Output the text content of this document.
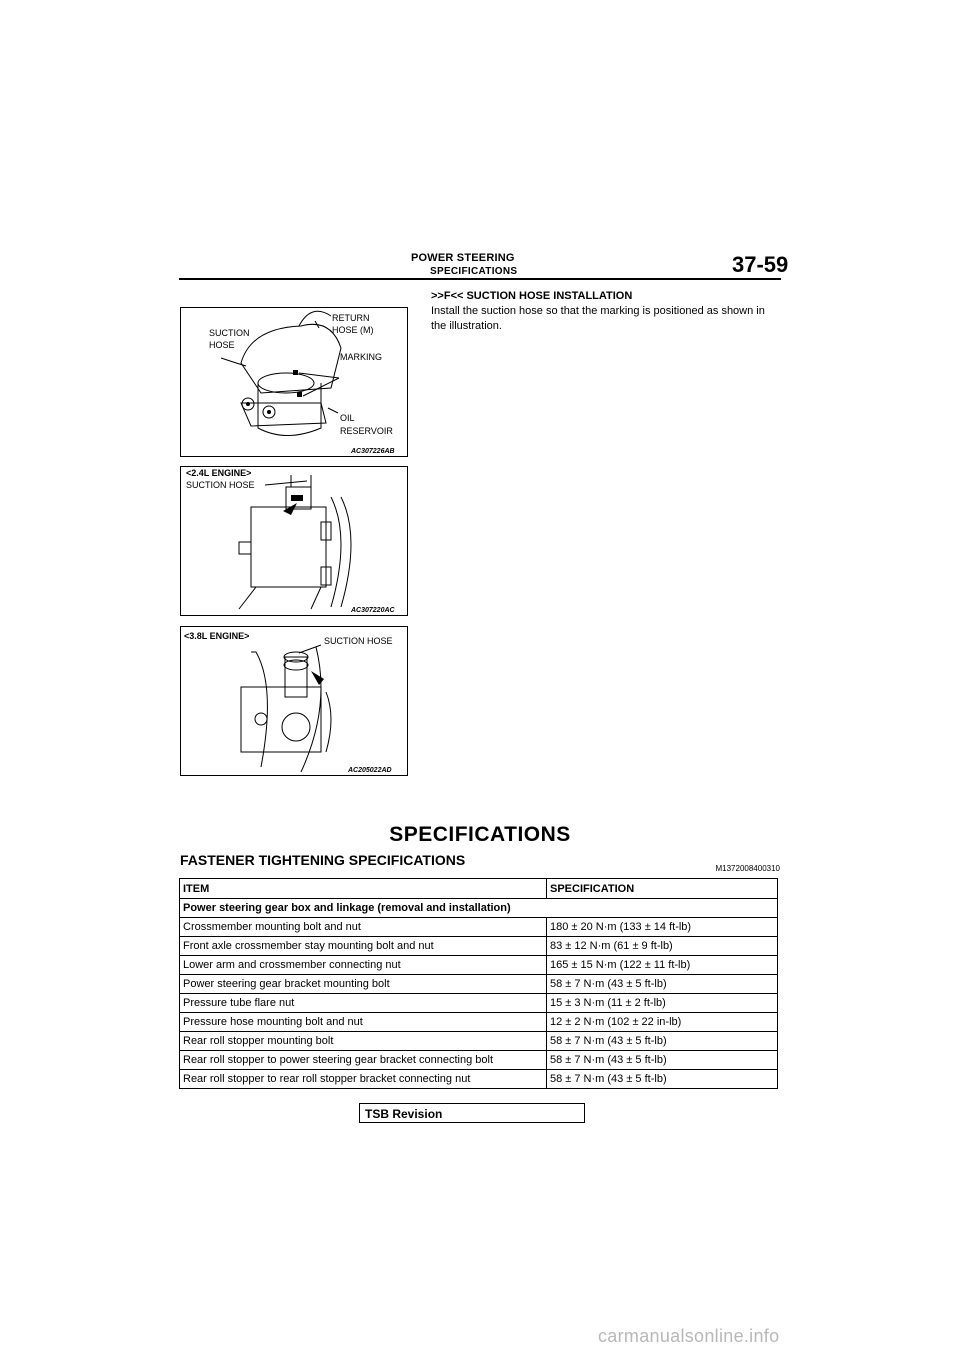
POWER STEERING
SPECIFICATIONS	37-59
SUCTION
HOSE
RETURN
HOSE (M)
MARKING
OIL
RESERVOIR
AC307226AB
<2.4L ENGINE>
SUCTION HOSE
AC307220AC
<3.8L ENGINE>	SUCTION HOSE
AC205022AD
>>F<< SUCTION HOSE INSTALLATION
Install the suction hose so that the marking is positioned as shown in the illustration.
SPECIFICATIONS
FASTENER TIGHTENING SPECIFICATIONS
M1372008400310
ITEM	SPECIFICATION
Power steering gear box and linkage (removal and installation)	
Crossmember mounting bolt and nut	180 ± 20 N·m (133 ± 14 ft-lb)
Front axle crossmember stay mounting bolt and nut	83 ± 12 N·m (61 ± 9 ft-lb)
Lower arm and crossmember connecting nut	165 ± 15 N·m (122 ± 11 ft-lb)
Power steering gear bracket mounting bolt	58 ± 7 N·m (43 ± 5 ft-lb)
Pressure tube flare nut	15 ± 3 N·m (11 ± 2 ft-lb)
Pressure hose mounting bolt and nut	12 ± 2 N·m (102 ± 22 in-lb)
Rear roll stopper mounting bolt	58 ± 7 N·m (43 ± 5 ft-lb)
Rear roll stopper to power steering gear bracket connecting bolt	58 ± 7 N·m (43 ± 5 ft-lb)
Rear roll stopper to rear roll stopper bracket connecting nut	58 ± 7 N·m (43 ± 5 ft-lb)
TSB Revision
carmanualsonline.info
